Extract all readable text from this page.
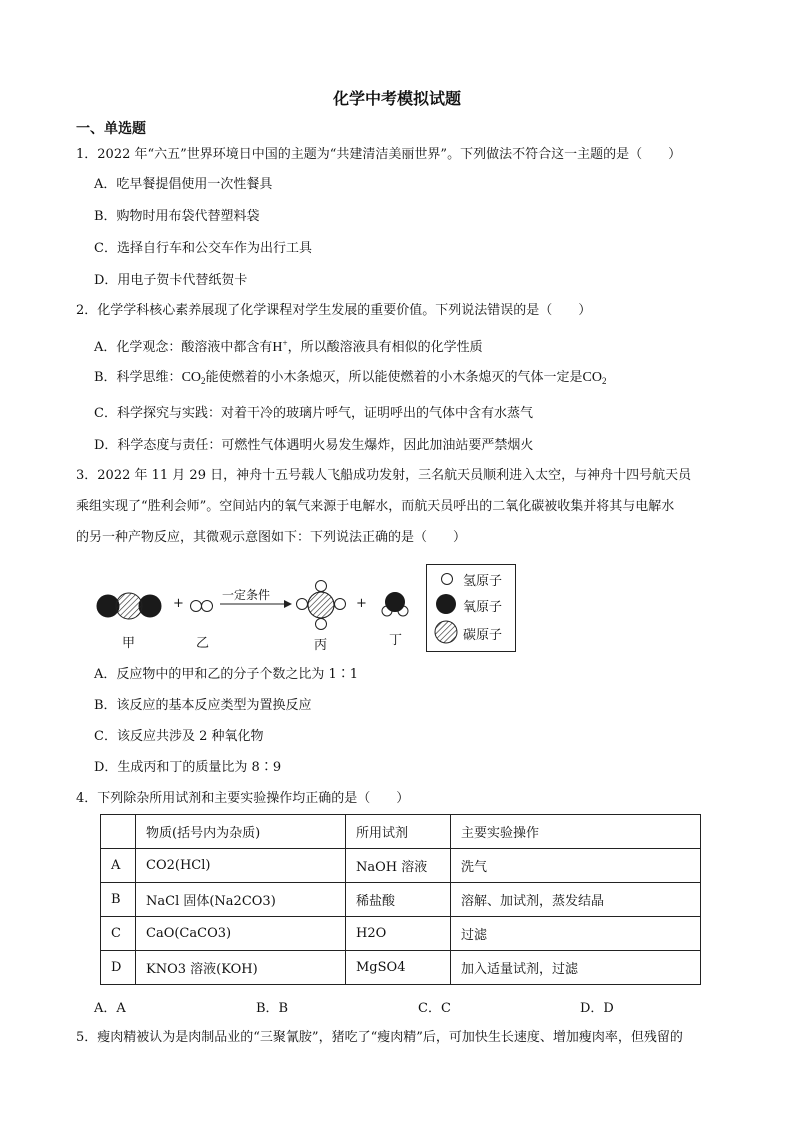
化学中考模拟试题
一、单选题
1．2022 年“六五”世界环境日中国的主题为“共建清洁美丽世界”。下列做法不符合这一主题的是（　　）
A．吃早餐提倡使用一次性餐具
B．购物时用布袋代替塑料袋
C．选择自行车和公交车作为出行工具
D．用电子贺卡代替纸贺卡
2．化学学科核心素养展现了化学课程对学生发展的重要价值。下列说法错误的是（　　）
A．化学观念：酸溶液中都含有H+，所以酸溶液具有相似的化学性质
B．科学思维：$CO_2$能使燃着的小木条熄灭，所以能使燃着的小木条熄灭的气体一定是$CO_2$
C．科学探究与实践：对着干冷的玻璃片呼气，证明呼出的气体中含有水蒸气
D．科学态度与责任：可燃性气体遇明火易发生爆炸，因此加油站要严禁烟火
3．2022 年 11 月 29 日，神舟十五号载人飞船成功发射，三名航天员顺利进入太空，与神舟十四号航天员
乘组实现了“胜利会师”。空间站内的氧气来源于电解水，而航天员呼出的二氧化碳被收集并将其与电解水
的另一种产物反应，其微观示意图如下：下列说法正确的是（　　）
+	+
一定条件
甲	乙	丙	丁
氢原子
氧原子
碳原子
A．反应物中的甲和乙的分子个数之比为 1∶1
B．该反应的基本反应类型为置换反应
C．该反应共涉及 2 种氧化物
D．生成丙和丁的质量比为 8∶9
4．下列除杂所用试剂和主要实验操作均正确的是（　　）
	物质(括号内为杂质)	所用试剂	主要实验操作
A	CO2(HCl)	NaOH 溶液	洗气
B	NaCl 固体(Na2CO3)	稀盐酸	溶解、加试剂，蒸发结晶
C	CaO(CaCO3)	H2O	过滤
D	KNO3 溶液(KOH)	MgSO4	加入适量试剂，过滤
A．A	B．B	C．C	D．D
5．瘦肉精被认为是肉制品业的“三聚氰胺”，猪吃了“瘦肉精”后，可加快生长速度、增加瘦肉率，但残留的
